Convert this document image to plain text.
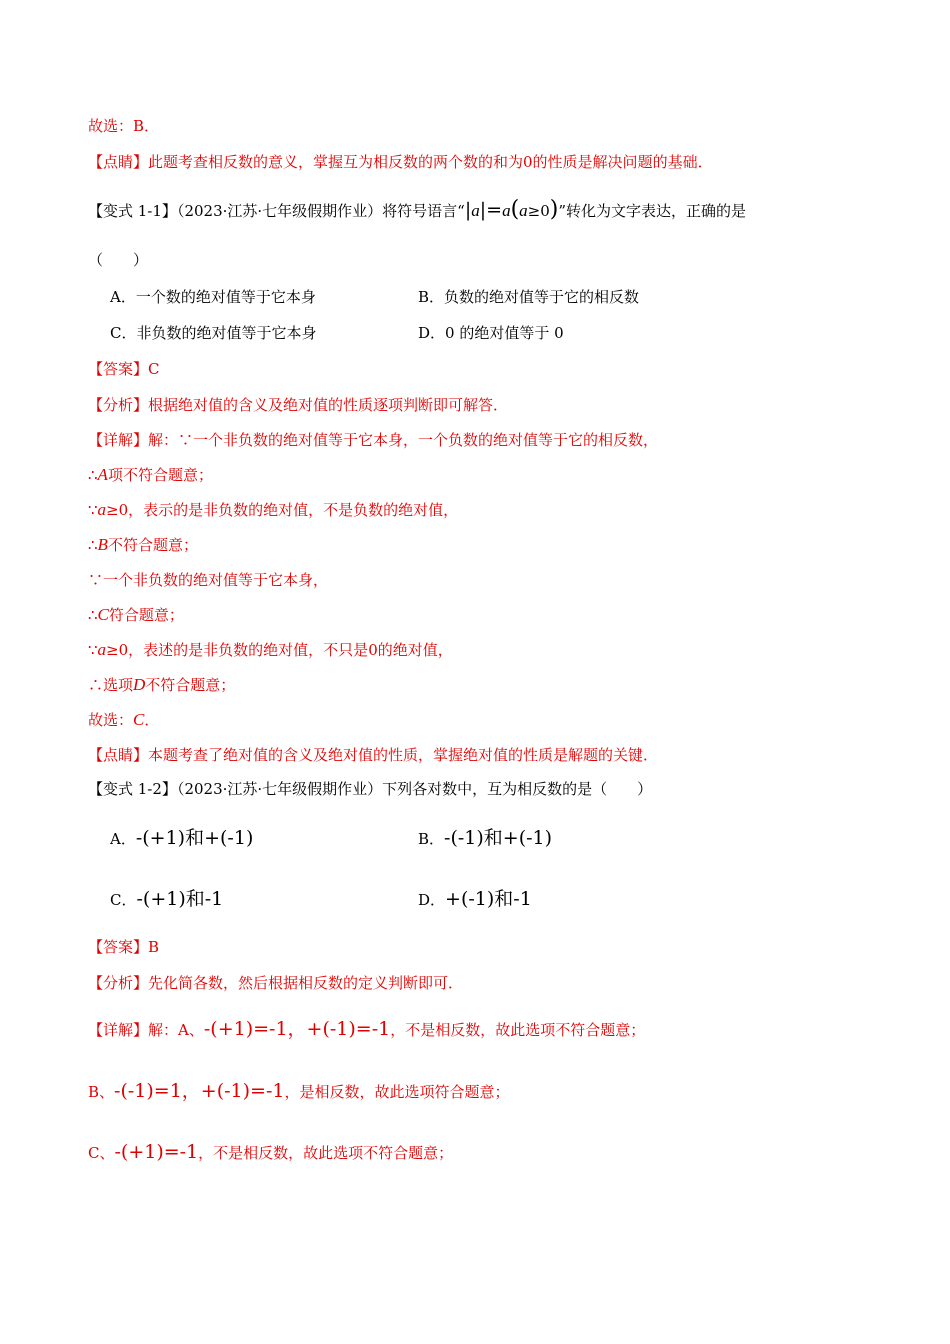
故选：B．
【点睛】此题考查相反数的意义，掌握互为相反数的两个数的和为0的性质是解决问题的基础．
【变式 1-1】（2023·江苏·七年级假期作业）将符号语言“|a|=a(a≥0)”转化为文字表达，正确的是
（　　）
A．一个数的绝对值等于它本身	B．负数的绝对值等于它的相反数
C．非负数的绝对值等于它本身	D．0 的绝对值等于 0
【答案】C
【分析】根据绝对值的含义及绝对值的性质逐项判断即可解答．
【详解】解：∵一个非负数的绝对值等于它本身，一个负数的绝对值等于它的相反数，
∴A项不符合题意；
∵a≥0，表示的是非负数的绝对值，不是负数的绝对值，
∴B不符合题意；
∵一个非负数的绝对值等于它本身，
∴C符合题意；
∵a≥0，表述的是非负数的绝对值，不只是0的绝对值，
∴选项D不符合题意；
故选：C．
【点睛】本题考查了绝对值的含义及绝对值的性质，掌握绝对值的性质是解题的关键．
【变式 1-2】（2023·江苏·七年级假期作业）下列各对数中，互为相反数的是（　　）
A．-(+1)和+(-1)	B．-(-1)和+(-1)
C．-(+1)和-1	D．+(-1)和-1
【答案】B
【分析】先化简各数，然后根据相反数的定义判断即可．
【详解】解：A、-(+1)=-1，+(-1)=-1，不是相反数，故此选项不符合题意；
B、-(-1)=1，+(-1)=-1，是相反数，故此选项符合题意；
C、-(+1)=-1，不是相反数，故此选项不符合题意；
